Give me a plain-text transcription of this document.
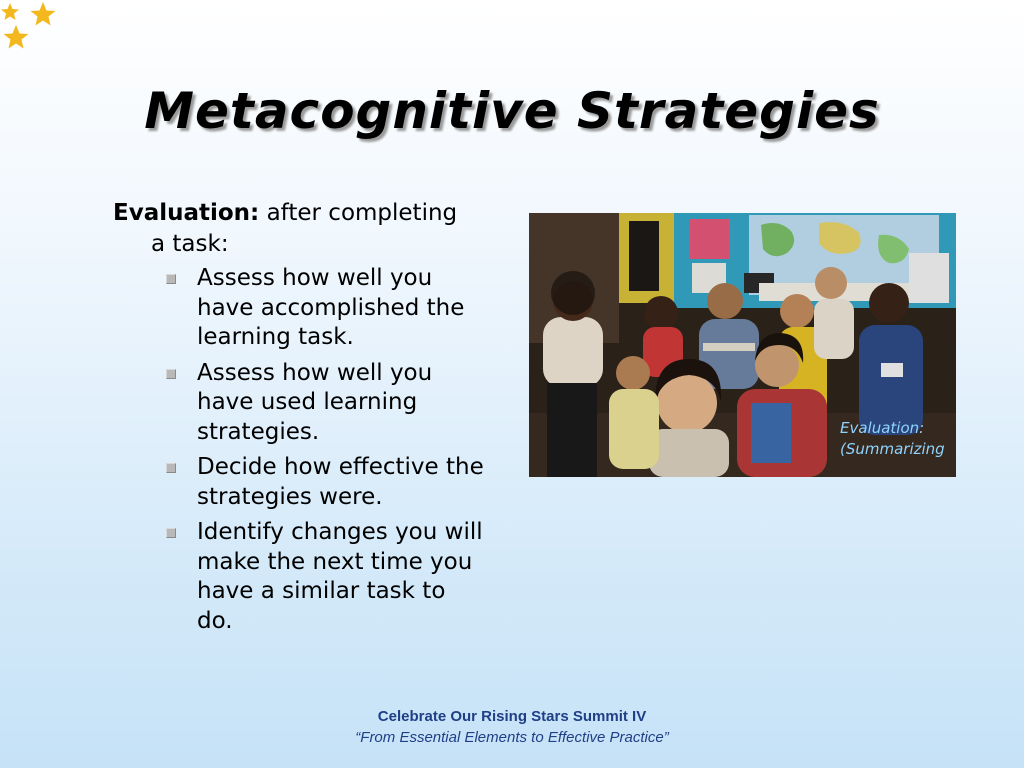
Metacognitive Strategies

Evaluation: after completing a task:

Assess how well you have accomplished the learning task.
Assess how well you have used learning strategies.
Decide how effective the strategies were.
Identify changes you will make the next time you have a similar task to do.
Evaluation:
(Summarizing
Celebrate Our Rising Stars Summit IV
“From Essential Elements to Effective Practice”
